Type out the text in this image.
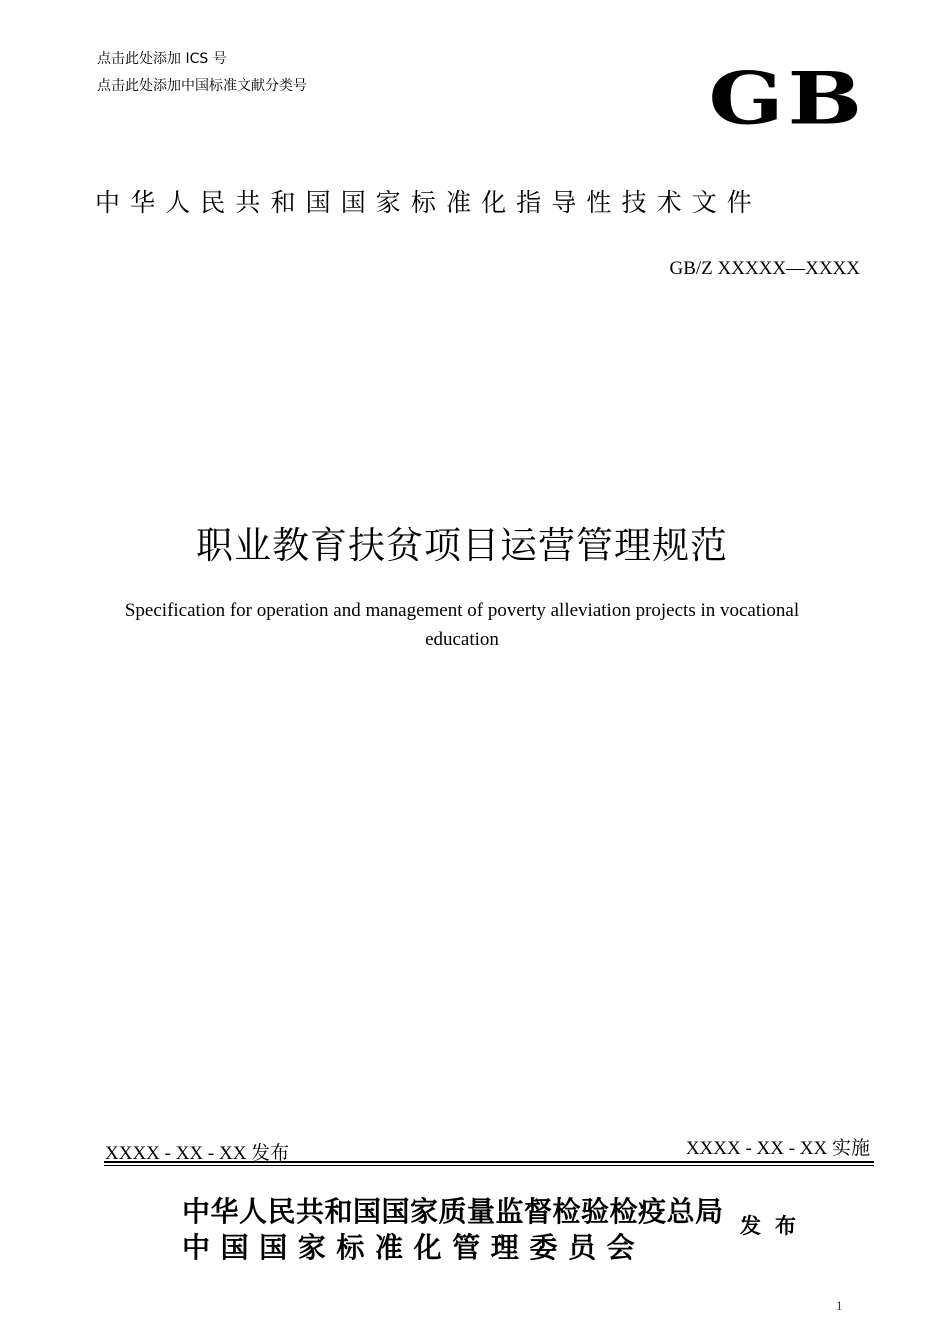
点击此处添加 ICS 号
点击此处添加中国标准文献分类号	GB
中华人民共和国国家标准化指导性技术文件
GB/Z XXXXX—XXXX
职业教育扶贫项目运营管理规范
Specification for operation and management of poverty alleviation projects in vocational education
XXXX - XX - XX 发布	XXXX - XX - XX 实施
中华人民共和国国家质量监督检验检疫总局
中国国家标准化管理委员会
发布
1
